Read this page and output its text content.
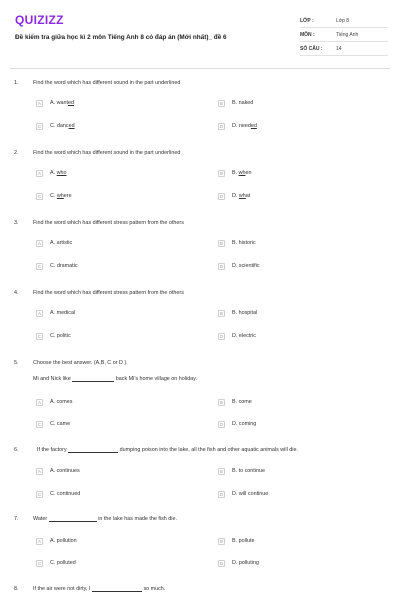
QUIZIZZ
Đề kiểm tra giữa học kì 2 môn Tiếng Anh 8 có đáp án (Mới nhất)_ đề 6
LỚP :	Lớp 8
MÔN :	Tiếng Anh
SỐ CÂU :	14
1.	Find the word which has different sound in the part underlined
A	A. wanted	B	B. naked
C	C. danced	D	D. needed
2.	Find the word which has different sound in the part underlined
A	A. who	B	B. when
C	C. where	D	D. what
3.	Find the word which has different stress pattern from the others
A	A. artistic	B	B. historic
C	C. dramatic	D	D. scientific
4.	Find the word which has different stress pattern from the others
A	A. medical	B	B. hospital
C	C. politic	D	D. electric
5.	Choose the best answer. (A,B, C or D ).
Mi and Nick like	back Mi's home village on holiday.
A	A. comes	B	B. come
C	C. came	D	D. coming
6.	If the factory	dumping poison into the lake, all the fish and other aquatic animals will die.
A	A. continues	B	B. to continue
C	C. continued	D	D. will continue
7.	Water	in the lake has made the fish die.
A	A. pollution	B	B. pollute
C	C. polluted	D	D. polluting
8.	If the air were not dirty, I	so much.
